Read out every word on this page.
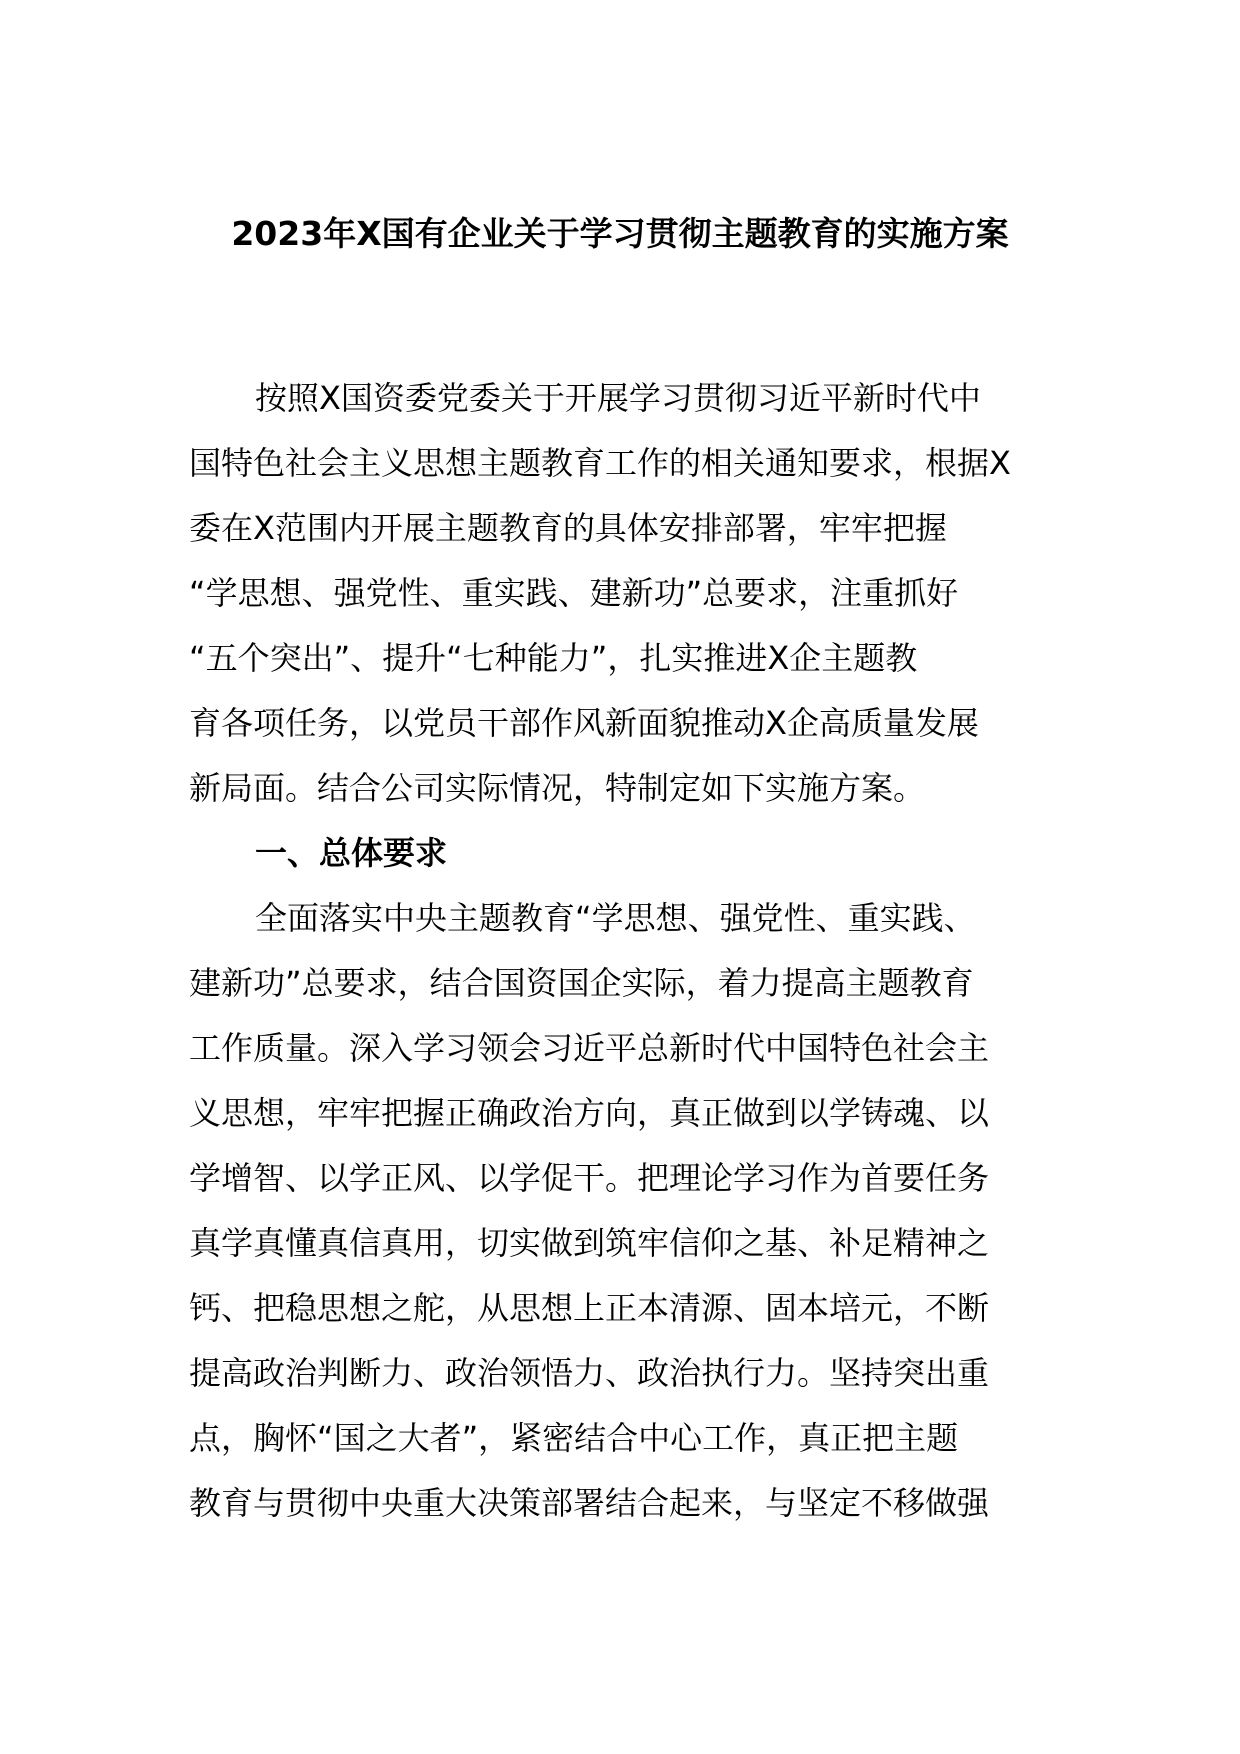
2023年X国有企业关于学习贯彻主题教育的实施方案

按照X国资委党委关于开展学习贯彻习近平新时代中
国特色社会主义思想主题教育工作的相关通知要求，根据X
委在X范围内开展主题教育的具体安排部署，牢牢把握
“学思想、强党性、重实践、建新功”总要求，注重抓好
“五个突出”、提升“七种能力”，扎实推进X企主题教
育各项任务，以党员干部作风新面貌推动X企高质量发展
新局面。结合公司实际情况，特制定如下实施方案。

一、总体要求

全面落实中央主题教育“学思想、强党性、重实践、
建新功”总要求，结合国资国企实际，着力提高主题教育
工作质量。深入学习领会习近平总新时代中国特色社会主
义思想，牢牢把握正确政治方向，真正做到以学铸魂、以
学增智、以学正风、以学促干。把理论学习作为首要任务
真学真懂真信真用，切实做到筑牢信仰之基、补足精神之
钙、把稳思想之舵，从思想上正本清源、固本培元，不断
提高政治判断力、政治领悟力、政治执行力。坚持突出重
点，胸怀“国之大者”，紧密结合中心工作，真正把主题
教育与贯彻中央重大决策部署结合起来，与坚定不移做强
